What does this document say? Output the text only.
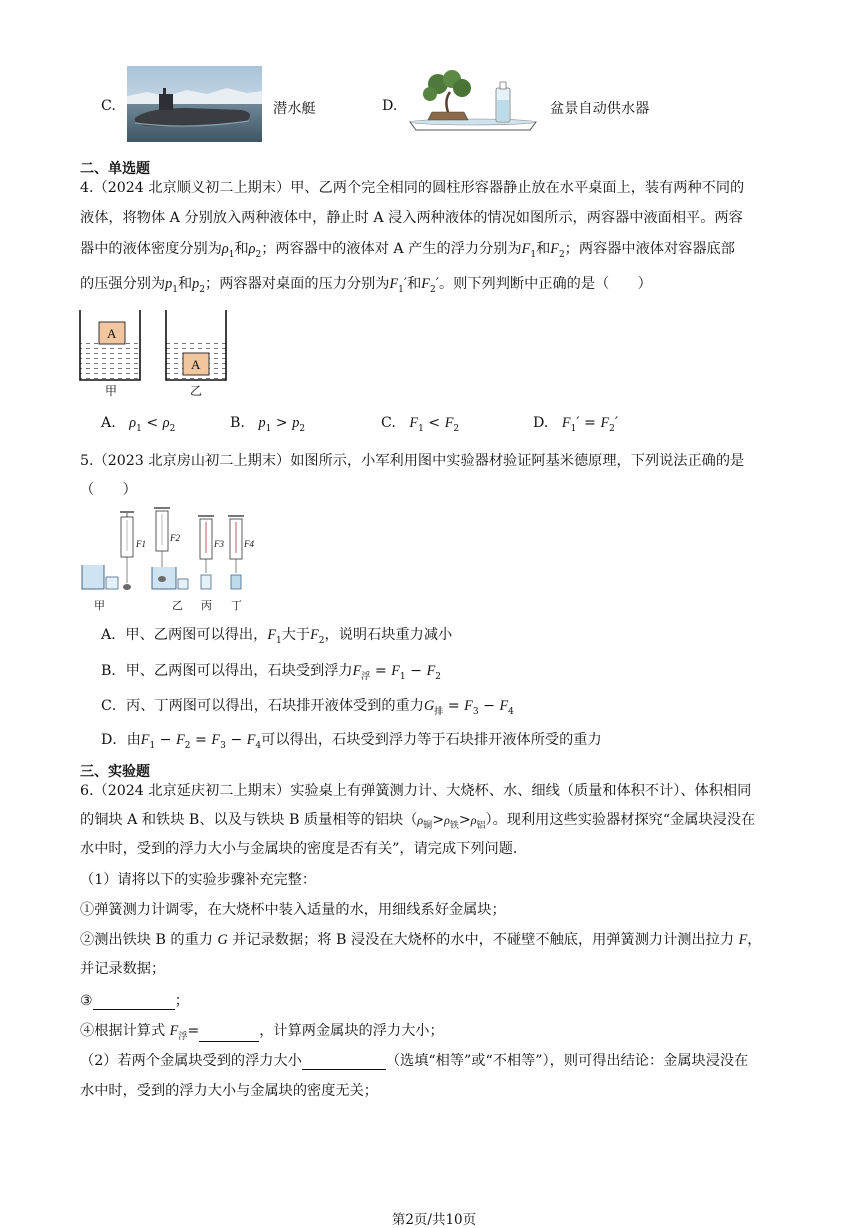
C.	潜水艇	D.	盆景自动供水器
二、单选题
4.（2024 北京顺义初二上期末）甲、乙两个完全相同的圆柱形容器静止放在水平桌面上，装有两种不同的
液体，将物体 A 分别放入两种液体中，静止时 A 浸入两种液体的情况如图所示，两容器中液面相平。两容
器中的液体密度分别为$\rho_1$和$\rho_2$；两容器中的液体对 A 产生的浮力分别为$F_1$和$F_2$；两容器中液体对容器底部
的压强分别为$p_1$和$p_2$；两容器对桌面的压力分别为$F_1'$和$F_2'$。则下列判断中正确的是（　　）
A
A
甲	乙
A. $\rho_1 < \rho_2$	B. $p_1 > p_2$	C. $F_1 < F_2$	D. $F_1' = F_2'$
5.（2023 北京房山初二上期末）如图所示，小军利用图中实验器材验证阿基米德原理，下列说法正确的是
（　　）
F1
F2
F3 F4
甲	乙 丙 丁
A．甲、乙两图可以得出，$F_1$大于$F_2$，说明石块重力减小
B．甲、乙两图可以得出，石块受到浮力$F_浮 = F_1 - F_2$
C．丙、丁两图可以得出，石块排开液体受到的重力$G_排 = F_3 - F_4$
D．由$F_1 - F_2 = F_3 - F_4$可以得出，石块受到浮力等于石块排开液体所受的重力
三、实验题
6.（2024 北京延庆初二上期末）实验桌上有弹簧测力计、大烧杯、水、细线（质量和体积不计）、体积相同
的铜块 A 和铁块 B、以及与铁块 B 质量相等的铝块$(\rho_铜>\rho_铁>\rho_铝)$。现利用这些实验器材探究“金属块浸没在
水中时，受到的浮力大小与金属块的密度是否有关”，请完成下列问题．
（1）请将以下的实验步骤补充完整：
①弹簧测力计调零，在大烧杯中装入适量的水，用细线系好金属块；
②测出铁块 B 的重力 G 并记录数据；将 B 浸没在大烧杯的水中，不碰壁不触底，用弹簧测力计测出拉力 F，
并记录数据；
③	；
④根据计算式 $F_浮=$	，计算两金属块的浮力大小；
（2）若两个金属块受到的浮力大小	（选填“相等”或“不相等”），则可得出结论：金属块浸没在
水中时，受到的浮力大小与金属块的密度无关；
第2页/共10页
